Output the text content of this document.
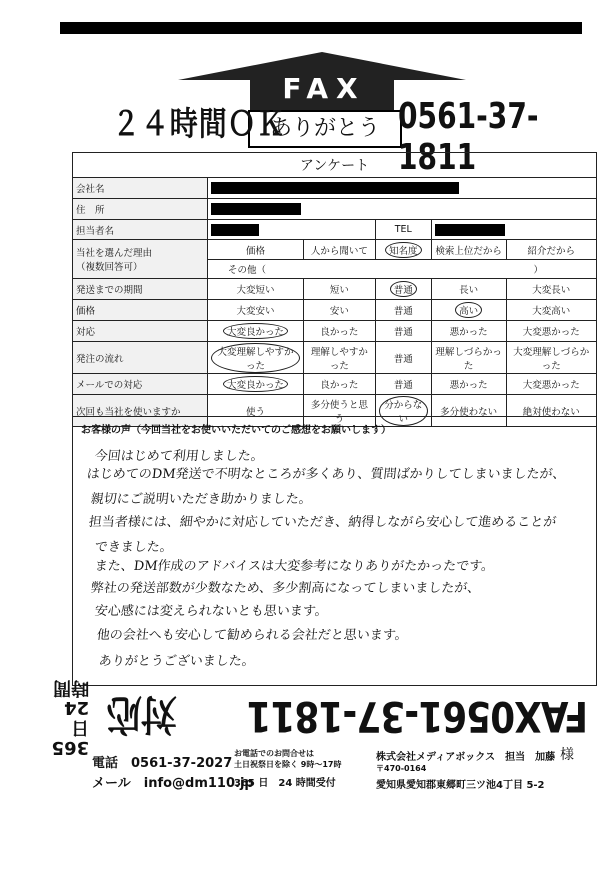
FAX
ありがとう
２４時間ＯＫ	0561-37-1811
アンケート					
会社名					
住　所					
担当者名			TEL		
当社を選んだ理由
（複数回答可）	価格	人から聞いて	知名度	検索上位だから	紹介だから
	その他（ ）				

発送までの期間	大変短い	短い	普通	長い	大変長い
価格	大変安い	安い	普通	高い	大変高い
対応	大変良かった	良かった	普通	悪かった	大変悪かった
発注の流れ	大変理解しやすかった	理解しやすかった	普通	理解しづらかった	大変理解しづらかった
メールでの対応	大変良かった	良かった	普通	悪かった	大変悪かった
次回も当社を使いますか	使う	多分使うと思う	分からない	多分使わない	絶対使わない
お客様の声（今回当社をお使いいただいてのご感想をお願いします）
今回はじめて利用しました。
はじめてのDM発送で不明なところが多くあり、質問ばかりしてしまいましたが、
親切にご説明いただき助かりました。
担当者様には、細やかに対応していただき、納得しながら安心して進めることが
できました。
また、DM作成のアドバイスは大変参考になりありがたかったです。
弊社の発送部数が少数なため、多少割高になってしまいましたが、
安心感には変えられないとも思います。
他の会社へも安心して勧められる会社だと思います。
ありがとうございました。
FAX0561-37-1811
対応
365日
24時間
電話　0561-37-2027
メール　info@dm110.jp
お電話でのお問合せは
土日祝祭日を除く 9時～17時
365 日　24 時間受付
株式会社メディアボックス　担当　加藤 様
〒470-0164
愛知県愛知郡東郷町三ツ池4丁目 5-2
